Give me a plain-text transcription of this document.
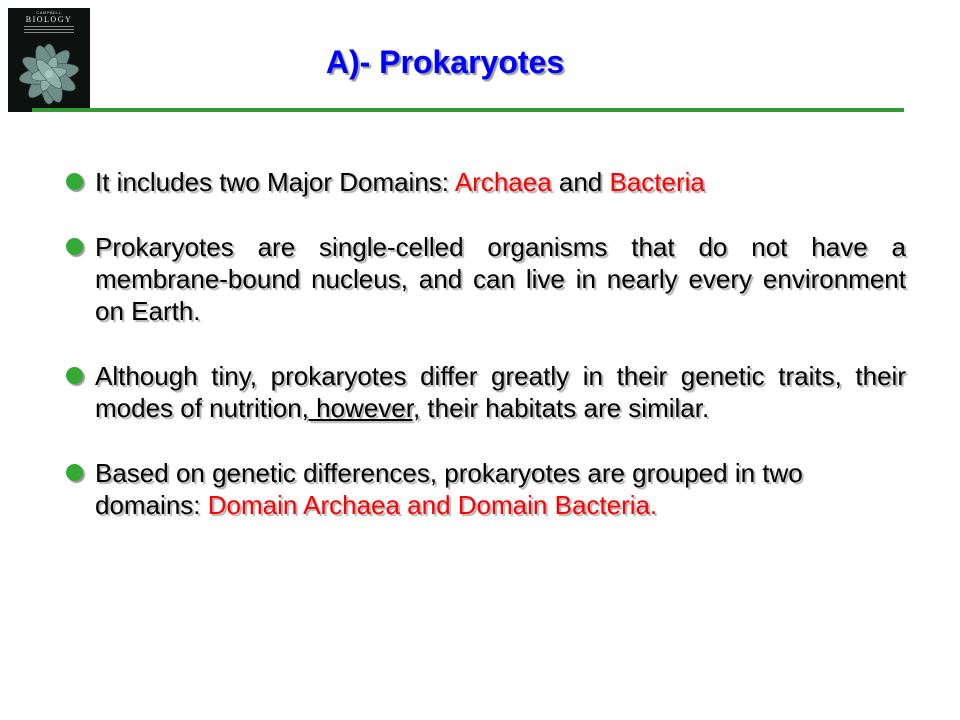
CAMPBELL
BIOLOGY
A)- Prokaryotes
It includes two Major Domains: Archaea and Bacteria
Prokaryotes are single-celled organisms that do not have a membrane-bound nucleus, and can live in nearly every environment on Earth.
Although tiny, prokaryotes differ greatly in their genetic traits, their modes of nutrition, however, their habitats are similar.
Based on genetic differences, prokaryotes are grouped in two domains: Domain Archaea and Domain Bacteria.
